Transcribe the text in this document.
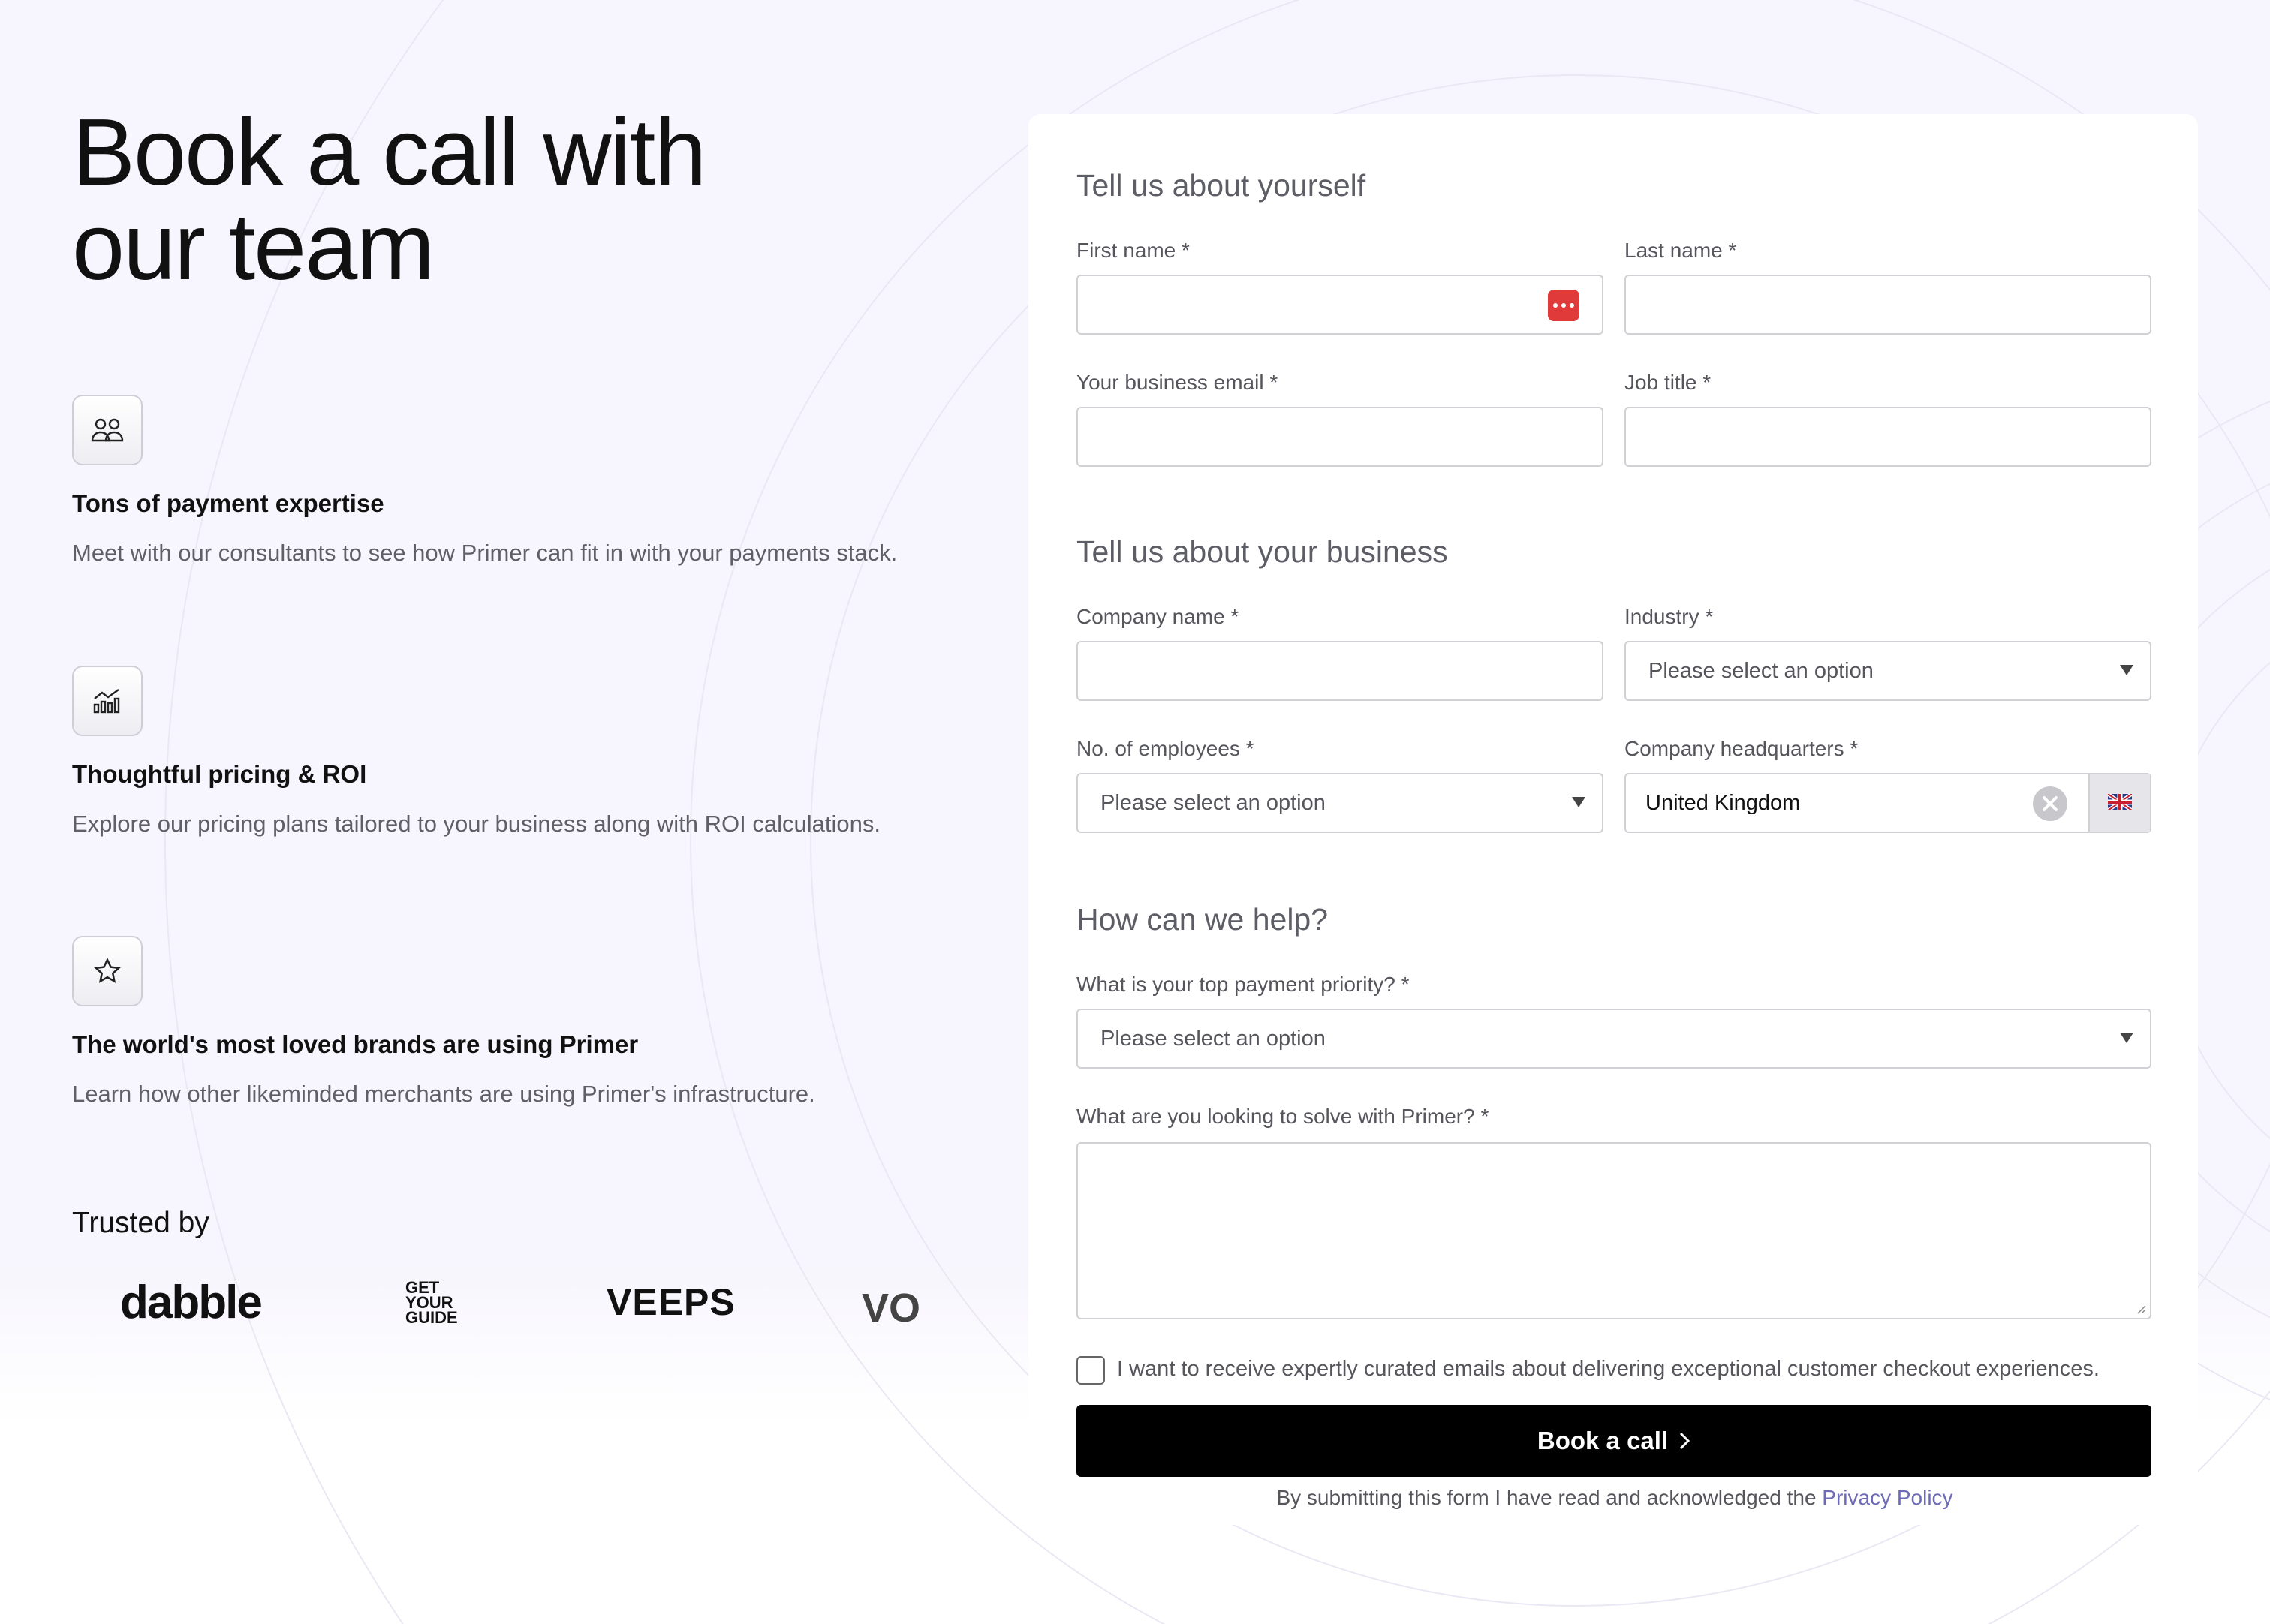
Book a call with
our team
Tons of payment expertise
Meet with our consultants to see how Primer can fit in with your payments stack.
Thoughtful pricing & ROI
Explore our pricing plans tailored to your business along with ROI calculations.
The world's most loved brands are using Primer
Learn how other likeminded merchants are using Primer's infrastructure.
Trusted by
dabble	GET YOUR GUIDE	VEEPS	VO
Tell us about yourself
First name *	Last name *
Your business email *	Job title *
Tell us about your business
Company name *	Industry *
Please select an option
No. of employees *
Please select an option
Company headquarters *
United Kingdom
How can we help?
What is your top payment priority? *
Please select an option
What are you looking to solve with Primer? *
I want to receive expertly curated emails about delivering exceptional customer checkout experiences.
Book a call
By submitting this form I have read and acknowledged the Privacy Policy
